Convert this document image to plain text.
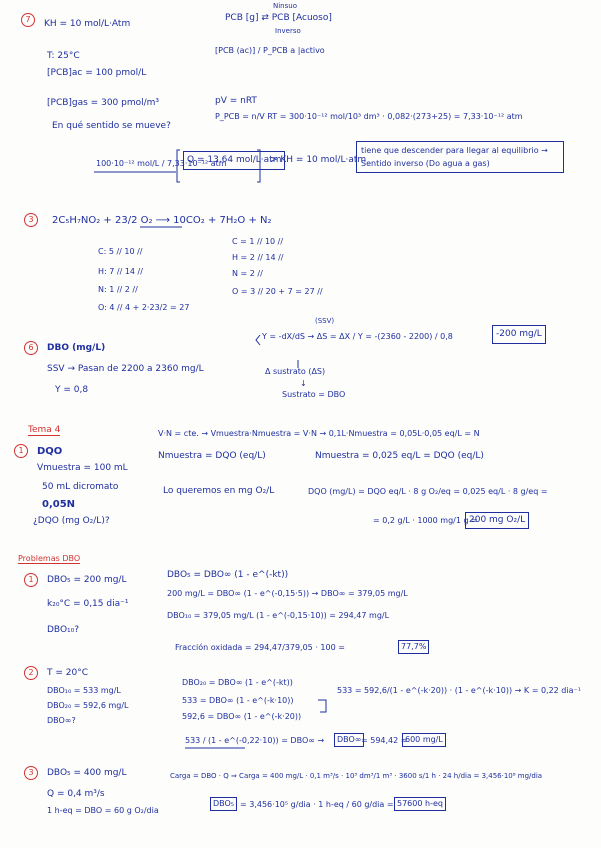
7	KH = 10 mol/L·Atm
Ninsuo
PCB [g] ⇄ PCB [Acuoso]
Inverso
[PCB (ac)] / P_PCB a |activo
T: 25°C
[PCB]ac = 100 pmol/L
[PCB]gas = 300 pmol/m³
En qué sentido se mueve?
pV = nRT
P_PCB = n/V RT = 300·10⁻¹² mol/10³ dm³ · 0,082·(273+25) = 7,33·10⁻¹² atm
100·10⁻¹² mol/L / 7,33·10⁻¹² atm
Q = 13,64 mol/L·atm
> KH = 10 mol/L·atm
tiene que descender para llegar al equilibrio → Sentido inverso (Do agua a gas)
3	2C₅H₇NO₂ + 23/2 O₂ ⟶ 10CO₂ + 7H₂O + N₂
C: 5 // 10 //
H: 7 // 14 //
N: 1 // 2 //
O: 4 // 4 + 2·23/2 = 27
C = 1 // 10 //
H = 2 // 14 //
N = 2 //
O = 3 // 20 + 7 = 27 //
6	DBO (mg/L)
SSV → Pasan de 2200 a 2360 mg/L
Y = 0,8
(SSV)
Y = -dX/dS → ΔS = ΔX / Y = -(2360 - 2200) / 0,8	-200 mg/L
Δ sustrato (ΔS)
↓
Sustrato = DBO
Tema 4
1	DQO
Vmuestra = 100 mL
50 mL dicromato
0,05N
¿DQO (mg O₂/L)?
V·N = cte. → Vmuestra·Nmuestra = V·N → 0,1L·Nmuestra = 0,05L·0,05 eq/L = N
Nmuestra = DQO (eq/L)	Nmuestra = 0,025 eq/L = DQO (eq/L)
Lo queremos en mg O₂/L	DQO (mg/L) = DQO eq/L · 8 g O₂/eq = 0,025 eq/L · 8 g/eq =
= 0,2 g/L · 1000 mg/1 g =
200 mg O₂/L
Problemas DBO
1	DBO₅ = 200 mg/L
k₂₀°C = 0,15 dia⁻¹
DBO₁₀?
DBO₅ = DBO∞ (1 - e^(-kt))
200 mg/L = DBO∞ (1 - e^(-0,15·5)) → DBO∞ = 379,05 mg/L
DBO₁₀ = 379,05 mg/L (1 - e^(-0,15·10)) = 294,47 mg/L
Fracción oxidada = 294,47/379,05 · 100 =	77,7%
2	T = 20°C
DBO₁₀ = 533 mg/L
DBO₂₀ = 592,6 mg/L
DBO∞?
DBO₂₀ = DBO∞ (1 - e^(-kt))
533 = DBO∞ (1 - e^(-k·10))
592,6 = DBO∞ (1 - e^(-k·20))
533 = 592,6/(1 - e^(-k·20)) · (1 - e^(-k·10)) → K = 0,22 dia⁻¹
533 / (1 - e^(-0,22·10)) = DBO∞ →	DBO∞ = 594,42 ≈
600 mg/L
3	DBO₅ = 400 mg/L
Q = 0,4 m³/s
1 h-eq = DBO = 60 g O₂/dia
Carga = DBO · Q ⇒ Carga = 400 mg/L · 0,1 m³/s · 10³ dm³/1 m³ · 3600 s/1 h · 24 h/dia = 3,456·10⁸ mg/dia
DBO₅ = 3,456·10⁵ g/dia · 1 h-eq / 60 g/dia = 57600 h-eq
